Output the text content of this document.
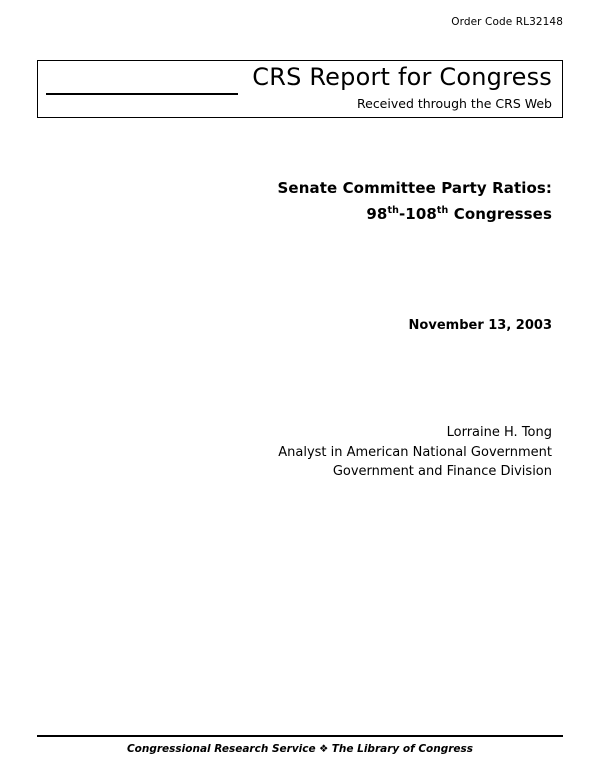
Order Code RL32148
CRS Report for Congress
Received through the CRS Web
Senate Committee Party Ratios:
98th-108th Congresses
November 13, 2003
Lorraine H. Tong
Analyst in American National Government
Government and Finance Division
Congressional Research Service ❖ The Library of Congress
